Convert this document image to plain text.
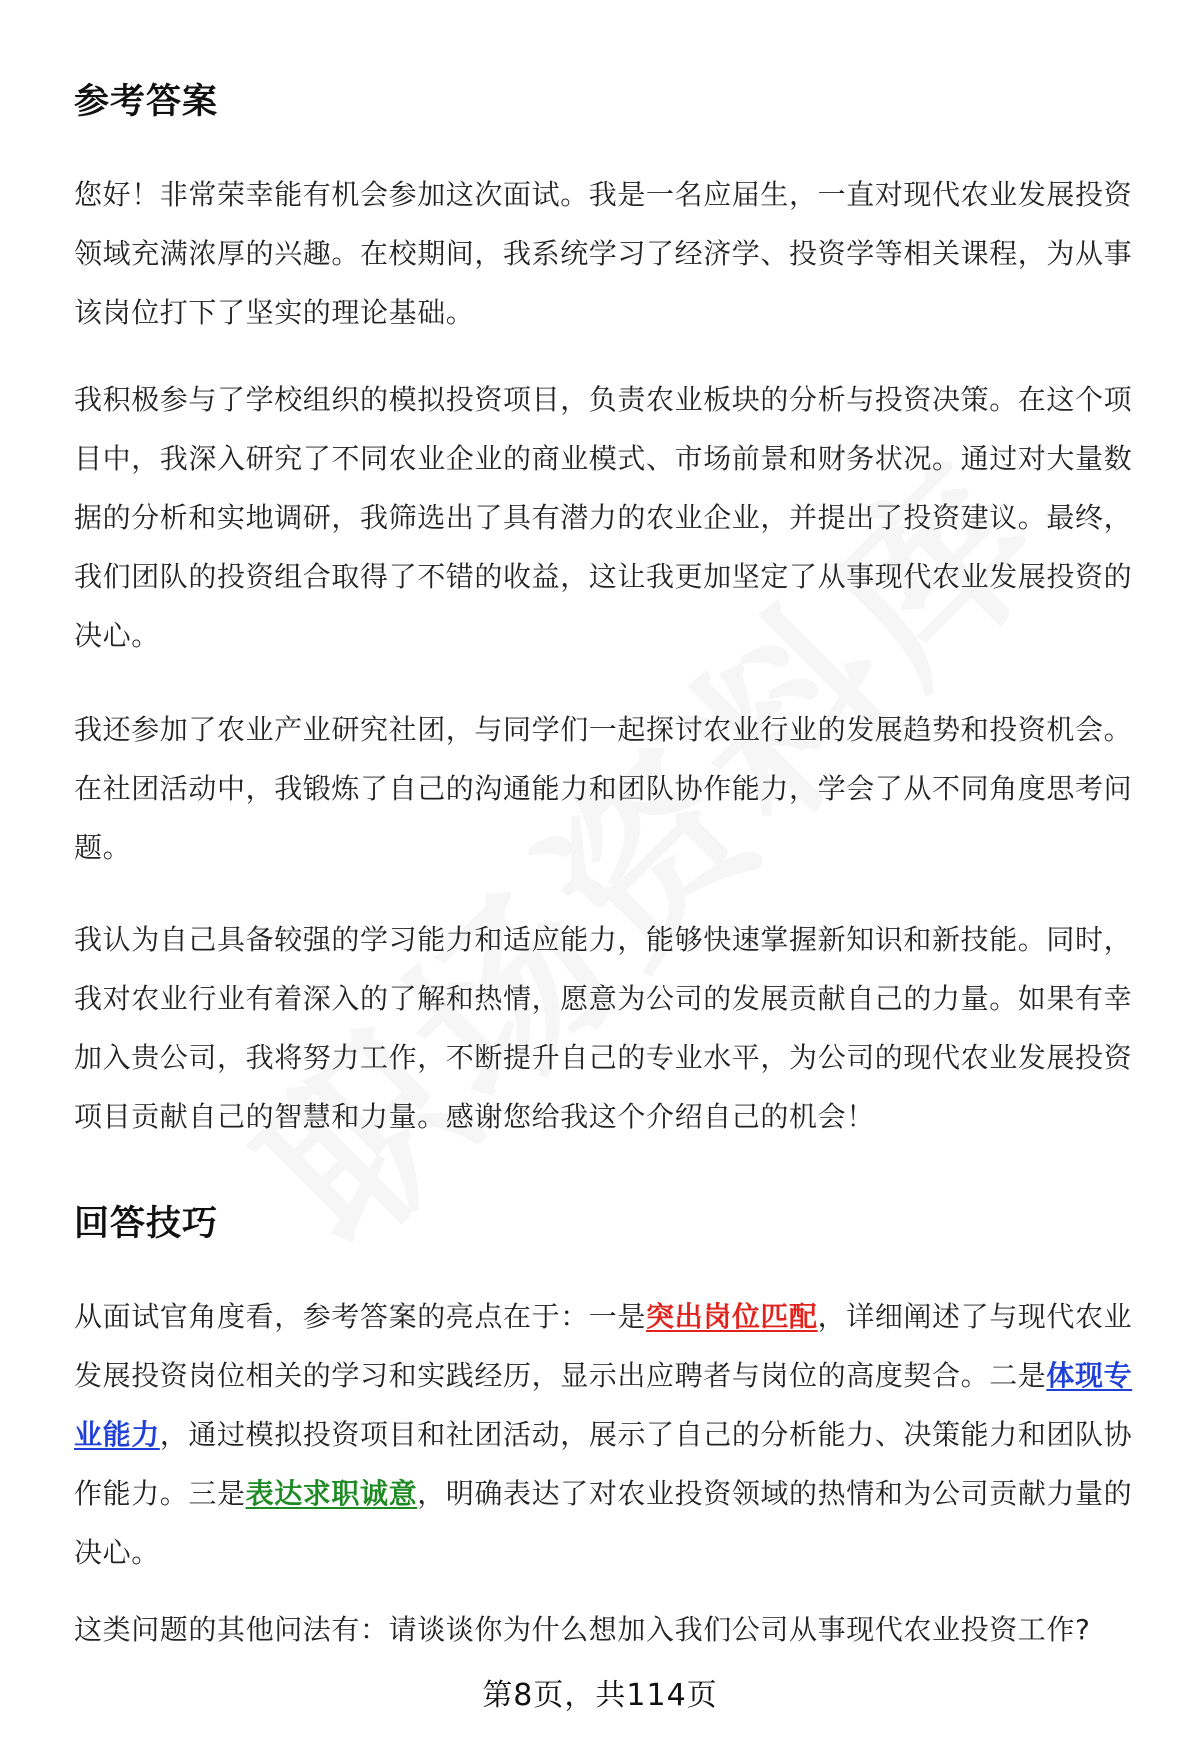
参考答案

您好！非常荣幸能有机会参加这次面试。我是一名应届生，一直对现代农业发展投资领域充满浓厚的兴趣。在校期间，我系统学习了经济学、投资学等相关课程，为从事该岗位打下了坚实的理论基础。

我积极参与了学校组织的模拟投资项目，负责农业板块的分析与投资决策。在这个项目中，我深入研究了不同农业企业的商业模式、市场前景和财务状况。通过对大量数据的分析和实地调研，我筛选出了具有潜力的农业企业，并提出了投资建议。最终，我们团队的投资组合取得了不错的收益，这让我更加坚定了从事现代农业发展投资的决心。

我还参加了农业产业研究社团，与同学们一起探讨农业行业的发展趋势和投资机会。在社团活动中，我锻炼了自己的沟通能力和团队协作能力，学会了从不同角度思考问题。

我认为自己具备较强的学习能力和适应能力，能够快速掌握新知识和新技能。同时，我对农业行业有着深入的了解和热情，愿意为公司的发展贡献自己的力量。如果有幸加入贵公司，我将努力工作，不断提升自己的专业水平，为公司的现代农业发展投资项目贡献自己的智慧和力量。感谢您给我这个介绍自己的机会！

回答技巧

从面试官角度看，参考答案的亮点在于：一是突出岗位匹配，详细阐述了与现代农业发展投资岗位相关的学习和实践经历，显示出应聘者与岗位的高度契合。二是体现专业能力，通过模拟投资项目和社团活动，展示了自己的分析能力、决策能力和团队协作能力。三是表达求职诚意，明确表达了对农业投资领域的热情和为公司贡献力量的决心。

这类问题的其他问法有：请谈谈你为什么想加入我们公司从事现代农业投资工作?

第8页，共114页
